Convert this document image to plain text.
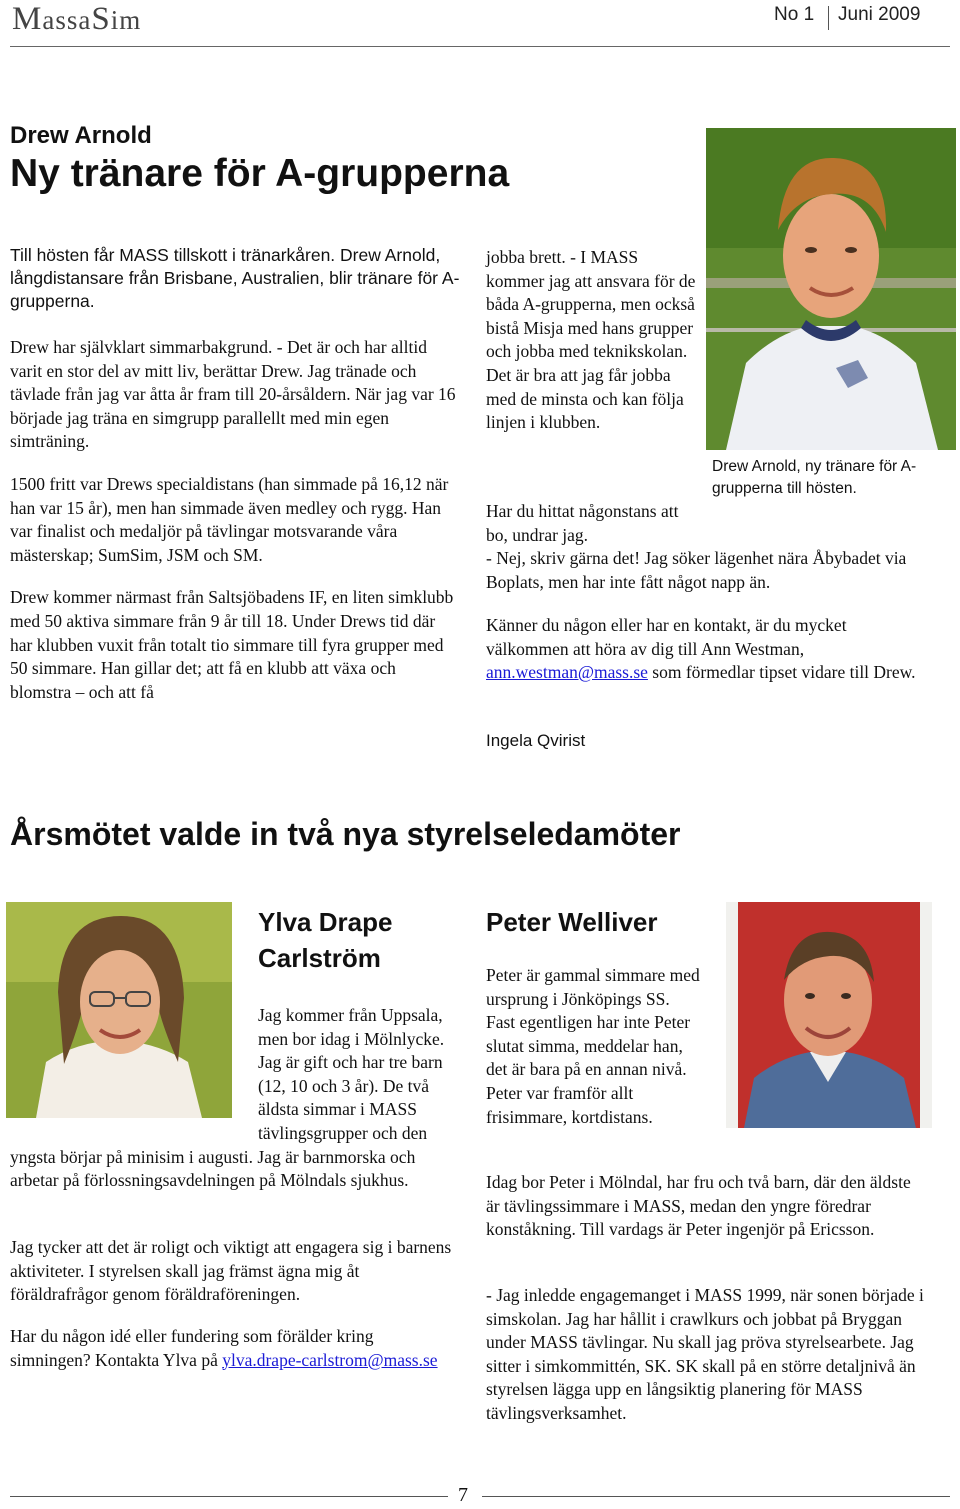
MassaSim	No 1 Juni 2009
Drew Arnold
Ny tränare för A-grupperna
Till hösten får MASS tillskott i tränarkåren. Drew Arnold, långdistansare från Brisbane, Australien, blir tränare för A-grupperna.

Drew har självklart simmarbakgrund. - Det är och har alltid varit en stor del av mitt liv, berättar Drew. Jag tränade och tävlade från jag var åtta år fram till 20-årsåldern. När jag var 16 började jag träna en simgrupp parallellt med min egen simträning.

1500 fritt var Drews specialdistans (han simmade på 16,12 när han var 15 år), men han simmade även medley och rygg. Han var finalist och medaljör på tävlingar motsvarande våra mästerskap; SumSim, JSM och SM.

Drew kommer närmast från Saltsjöbadens IF, en liten simklubb med 50 aktiva simmare från 9 år till 18. Under Drews tid där har klubben vuxit från totalt tio simmare till fyra grupper med 50 simmare. Han gillar det; att få en klubb att växa och blomstra – och att få

Drew Arnold, ny tränare för A-grupperna till hösten.
jobba brett. - I MASS kommer jag att ansvara för de båda A-grupperna, men också bistå Misja med hans grupper och jobba med teknikskolan. Det är bra att jag får jobba med de minsta och kan följa linjen i klubben.
Har du hittat någonstans att bo, undrar jag.
- Nej, skriv gärna det! Jag söker lägenhet nära Åbybadet via Boplats, men har inte fått något napp än.
Känner du någon eller har en kontakt, är du mycket välkommen att höra av dig till Ann Westman, ann.westman@mass.se som förmedlar tipset vidare till Drew.
Ingela Qvirist
Årsmötet valde in två nya styrelseledamöter
Ylva Drape Carlström
Jag kommer från Uppsala, men bor idag i Mölnlycke. Jag är gift och har tre barn (12, 10 och 3 år). De två äldsta simmar i MASS tävlingsgrupper och den yngsta börjar på minisim i augusti. Jag är barnmorska och arbetar på förlossningsavdelningen på Mölndals sjukhus.
Jag tycker att det är roligt och viktigt att engagera sig i barnens aktiviteter. I styrelsen skall jag främst ägna mig åt föräldrafrågor genom föräldraföreningen.
Har du någon idé eller fundering som förälder kring simningen? Kontakta Ylva på ylva.drape-carlstrom@mass.se
Peter Welliver
Peter är gammal simmare med ursprung i Jönköpings SS. Fast egentligen har inte Peter slutat simma, meddelar han, det är bara på en annan nivå. Peter var framför allt frisimmare, kortdistans.
Idag bor Peter i Mölndal, har fru och två barn, där den äldste är tävlingssimmare i MASS, medan den yngre föredrar konståkning. Till vardags är Peter ingenjör på Ericsson.
- Jag inledde engagemanget i MASS 1999, när sonen började i simskolan. Jag har hållit i crawlkurs och jobbat på Bryggan under MASS tävlingar. Nu skall jag pröva styrelsearbete. Jag sitter i simkommittén, SK. SK skall på en större detaljnivå än styrelsen lägga upp en långsiktig planering för MASS tävlingsverksamhet.
7
